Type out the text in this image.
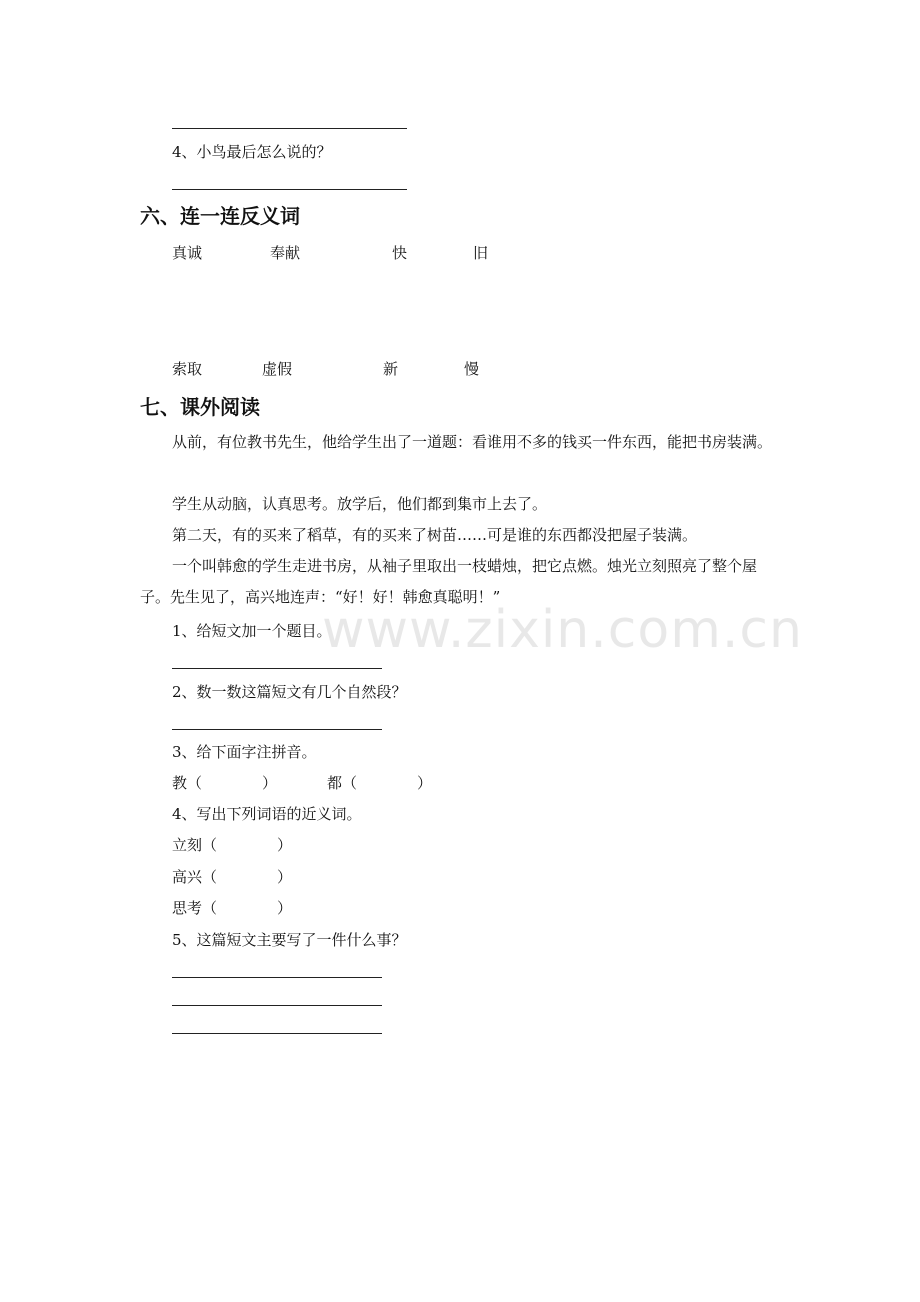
4、小鸟最后怎么说的？
六、连一连反义词
真诚	奉献	快	旧
索取	虚假	新	慢
七、课外阅读
从前，有位教书先生，他给学生出了一道题：看谁用不多的钱买一件东西，能把书房装满。
学生从动脑，认真思考。放学后，他们都到集市上去了。
第二天，有的买来了稻草，有的买来了树苗……可是谁的东西都没把屋子装满。
一个叫韩愈的学生走进书房，从袖子里取出一枝蜡烛，把它点燃。烛光立刻照亮了整个屋子。先生见了，高兴地连声：“好！好！韩愈真聪明！”
1、给短文加一个题目。
2、数一数这篇短文有几个自然段？
3、给下面字注拼音。
教（　　　　）	都（　　　　）
4、写出下列词语的近义词。
立刻（　　　　）
高兴（　　　　）
思考（　　　　）
5、这篇短文主要写了一件什么事？
www.zixin.com.cn
